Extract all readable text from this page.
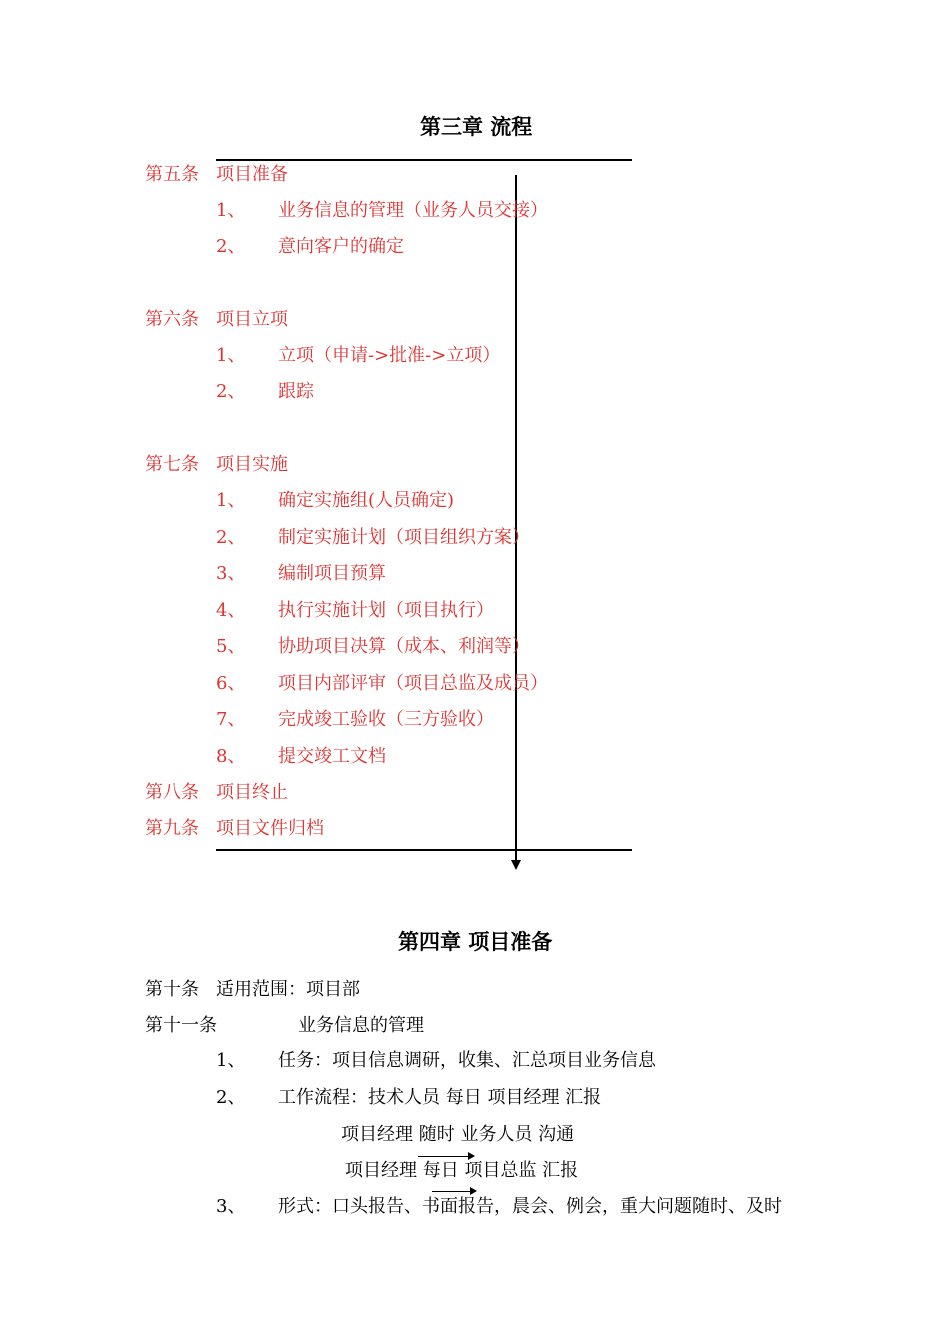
第三章 流程
第五条 项目准备
1、 业务信息的管理（业务人员交接）
2、 意向客户的确定
第六条 项目立项
1、 立项（申请->批准->立项）
2、 跟踪
第七条 项目实施
1、 确定实施组(人员确定)
2、 制定实施计划（项目组织方案）
3、 编制项目预算
4、 执行实施计划（项目执行）
5、 协助项目决算（成本、利润等）
6、 项目内部评审（项目总监及成员）
7、 完成竣工验收（三方验收）
8、 提交竣工文档
第八条 项目终止
第九条 项目文件归档
第四章 项目准备
第十条 适用范围：项目部
第十一条	业务信息的管理
1、 任务：项目信息调研，收集、汇总项目业务信息
2、 工作流程：技术人员 每日 项目经理 汇报
项目经理 随时 业务人员 沟通
项目经理 每日 项目总监 汇报
3、 形式：口头报告、书面报告，晨会、例会，重大问题随时、及时
